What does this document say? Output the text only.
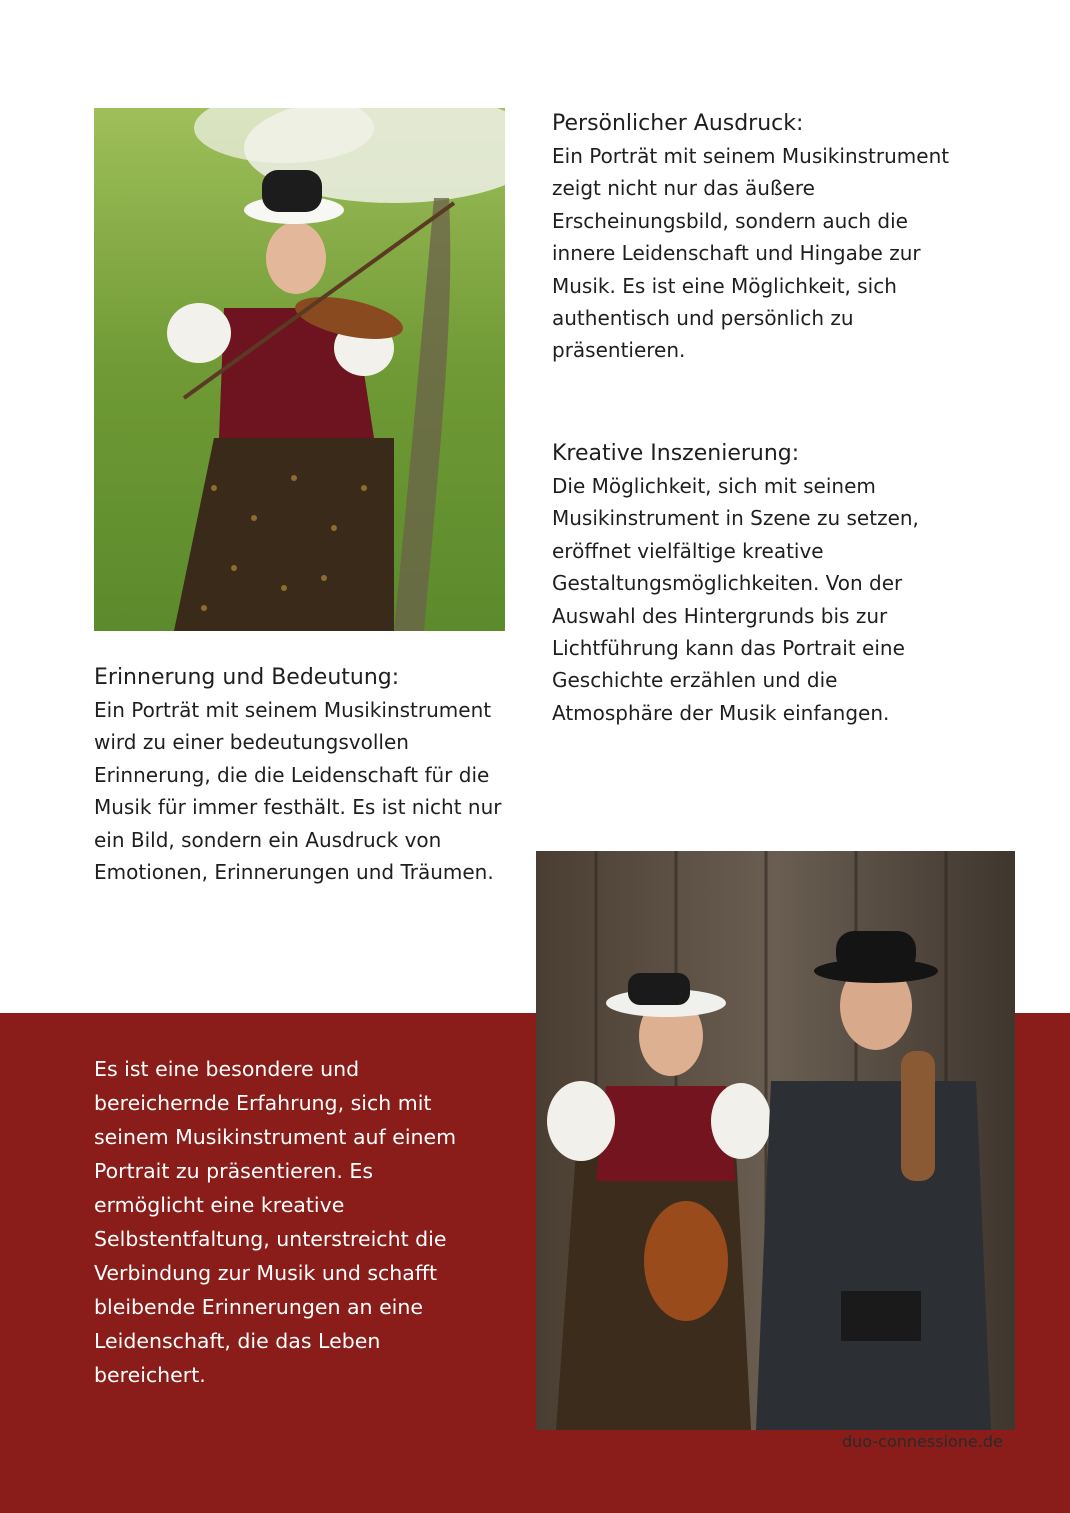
Persönlicher Ausdruck:

Ein Porträt mit seinem Musikinstrument zeigt nicht nur das äußere Erscheinungsbild, sondern auch die innere Leidenschaft und Hingabe zur Musik. Es ist eine Möglichkeit, sich authentisch und persönlich zu präsentieren.

Kreative Inszenierung:

Die Möglichkeit, sich mit seinem Musikinstrument in Szene zu setzen, eröffnet vielfältige kreative Gestaltungsmöglichkeiten. Von der Auswahl des Hintergrunds bis zur Lichtführung kann das Portrait eine Geschichte erzählen und die Atmosphäre der Musik einfangen.

Erinnerung und Bedeutung:

Ein Porträt mit seinem Musikinstrument wird zu einer bedeutungsvollen Erinnerung, die die Leidenschaft für die Musik für immer festhält. Es ist nicht nur ein Bild, sondern ein Ausdruck von Emotionen, Erinnerungen und Träumen.

Es ist eine besondere und bereichernde Erfahrung, sich mit seinem Musikinstrument auf einem Portrait zu präsentieren. Es ermöglicht eine kreative Selbstentfaltung, unterstreicht die Verbindung zur Musik und schafft bleibende Erinnerungen an eine Leidenschaft, die das Leben bereichert.

duo-connessione.de
